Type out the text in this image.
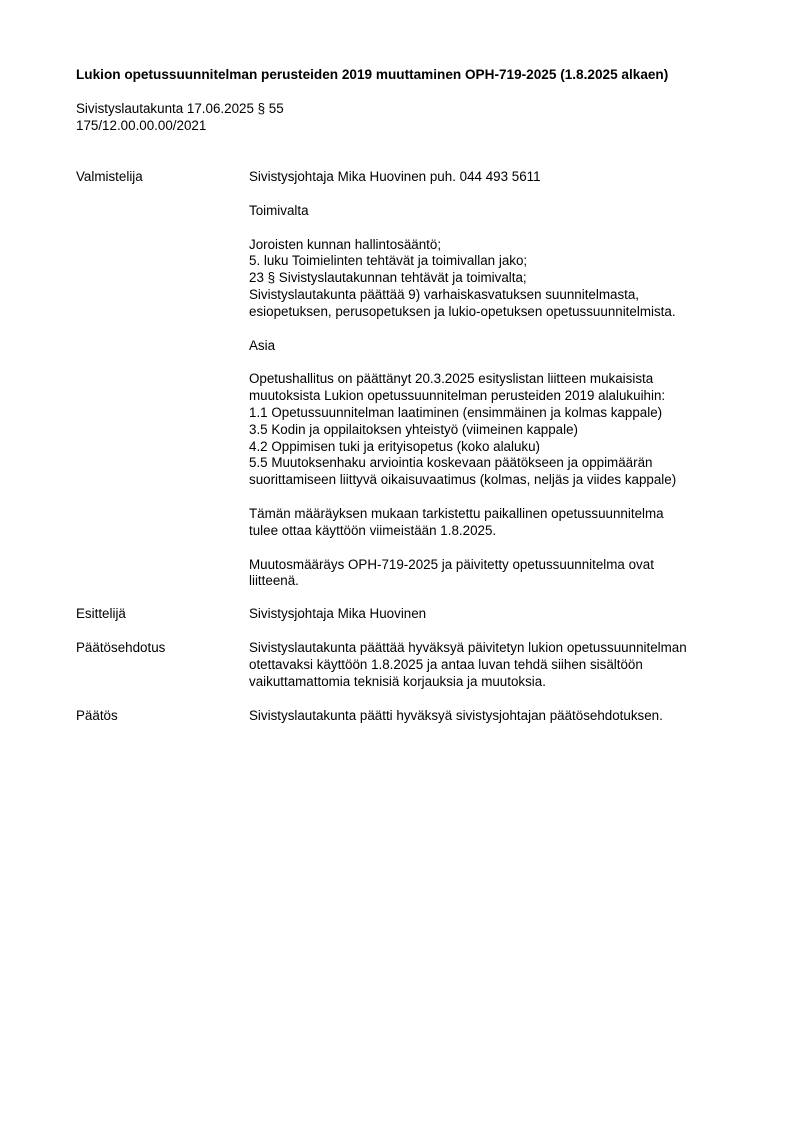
Lukion opetussuunnitelman perusteiden 2019 muuttaminen OPH-719-2025 (1.8.2025 alkaen)
Sivistyslautakunta 17.06.2025 § 55
175/12.00.00.00/2021
Valmistelija	Sivistysjohtaja Mika Huovinen puh. 044 493 5611
Toimivalta
Joroisten kunnan hallintosääntö;
5. luku Toimielinten tehtävät ja toimivallan jako;
23 § Sivistyslautakunnan tehtävät ja toimivalta;
Sivistyslautakunta päättää 9) varhaiskasvatuksen suunnitelmasta,
esiopetuksen, perusopetuksen ja lukio-opetuksen opetussuunnitelmista.
Asia
Opetushallitus on päättänyt 20.3.2025 esityslistan liitteen mukaisista
muutoksista Lukion opetussuunnitelman perusteiden 2019 alalukuihin:
1.1 Opetussuunnitelman laatiminen (ensimmäinen ja kolmas kappale)
3.5 Kodin ja oppilaitoksen yhteistyö (viimeinen kappale)
4.2 Oppimisen tuki ja erityisopetus (koko alaluku)
5.5 Muutoksenhaku arviointia koskevaan päätökseen ja oppimäärän
suorittamiseen liittyvä oikaisuvaatimus (kolmas, neljäs ja viides kappale)
Tämän määräyksen mukaan tarkistettu paikallinen opetussuunnitelma
tulee ottaa käyttöön viimeistään 1.8.2025.
Muutosmääräys OPH-719-2025 ja päivitetty opetussuunnitelma ovat
liitteenä.
Esittelijä	Sivistysjohtaja Mika Huovinen
Päätösehdotus	Sivistyslautakunta päättää hyväksyä päivitetyn lukion opetussuunnitelman
otettavaksi käyttöön 1.8.2025 ja antaa luvan tehdä siihen sisältöön
vaikuttamattomia teknisiä korjauksia ja muutoksia.
Päätös	Sivistyslautakunta päätti hyväksyä sivistysjohtajan päätösehdotuksen.
